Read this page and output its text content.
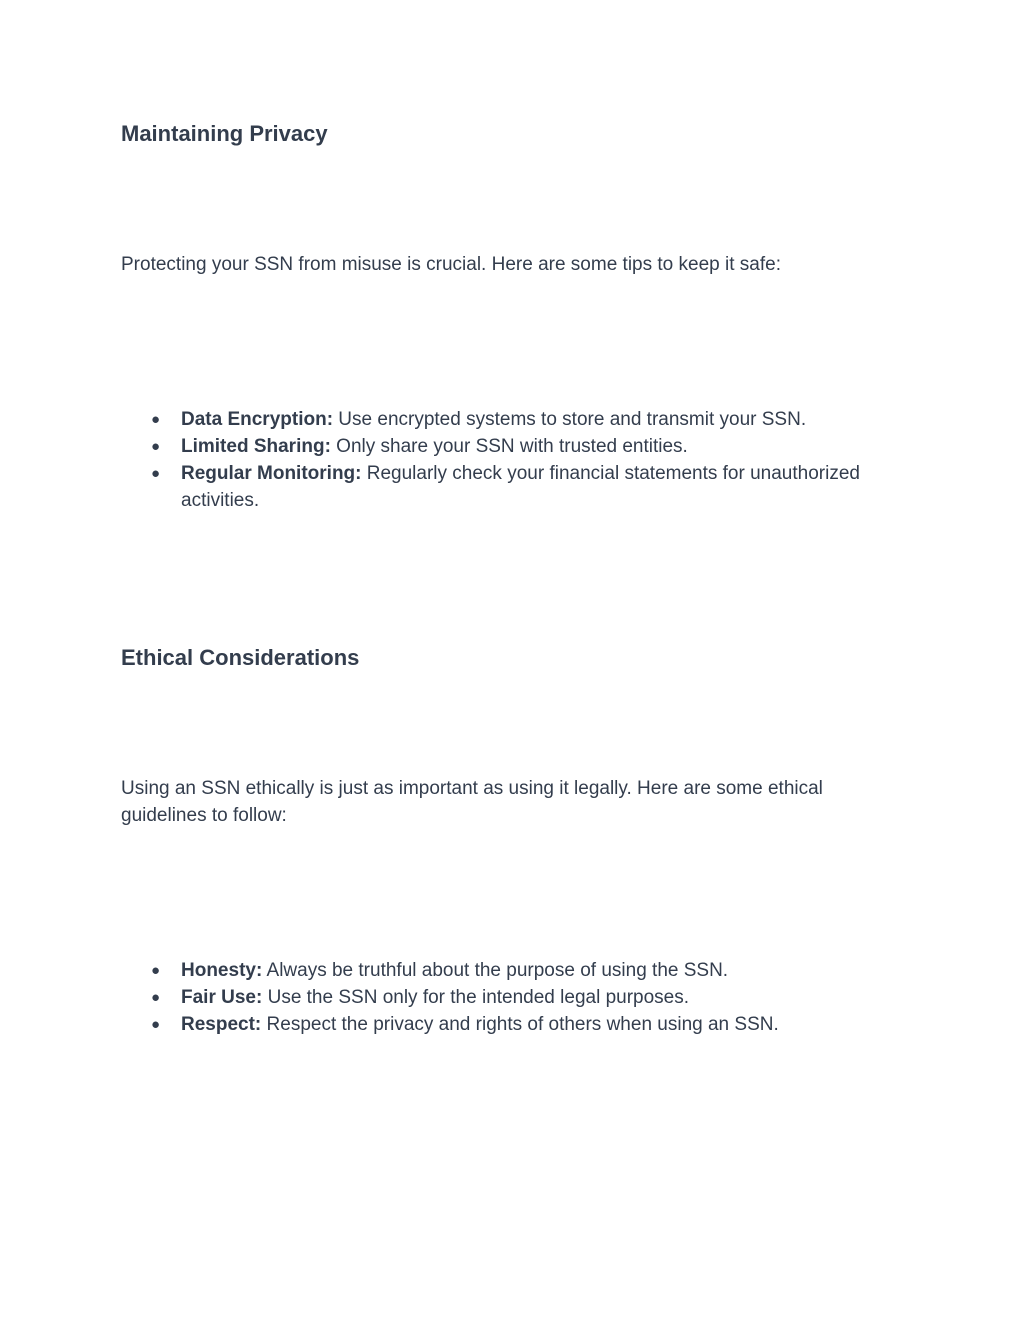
Maintaining Privacy

Protecting your SSN from misuse is crucial. Here are some tips to keep it safe:

● Data Encryption: Use encrypted systems to store and transmit your SSN.
● Limited Sharing: Only share your SSN with trusted entities.
● Regular Monitoring: Regularly check your financial statements for unauthorized activities.
Ethical Considerations

Using an SSN ethically is just as important as using it legally. Here are some ethical guidelines to follow:

● Honesty: Always be truthful about the purpose of using the SSN.
● Fair Use: Use the SSN only for the intended legal purposes.
● Respect: Respect the privacy and rights of others when using an SSN.
